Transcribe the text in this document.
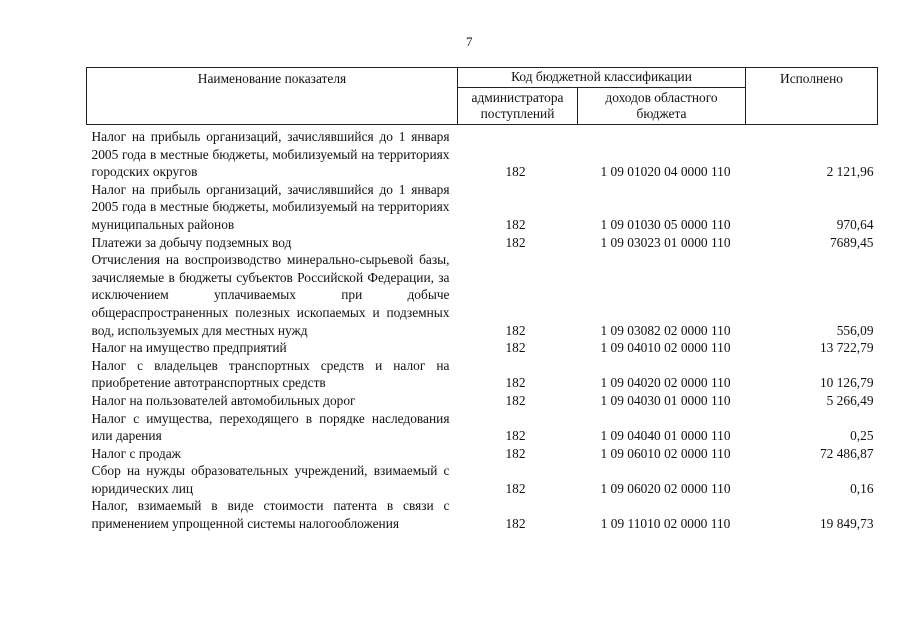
7
Наименование показателя	Код бюджетной классификации		Исполнено
	администратора поступлений	доходов областного бюджета	
Налог на прибыль организаций, зачислявшийся до 1 января 2005 года в местные бюджеты, мобилизуемый на территориях городских округов	182	1 09 01020 04 0000 110	2 121,96
Налог на прибыль организаций, зачислявшийся до 1 января 2005 года в местные бюджеты, мобилизуемый на территориях муниципальных районов	182	1 09 01030 05 0000 110	970,64
Платежи за добычу подземных вод	182	1 09 03023 01 0000 110	7689,45
Отчисления на воспроизводство минерально-сырьевой базы, зачисляемые в бюджеты субъектов Российской Федерации, за исключением уплачиваемых при добыче общераспространенных полезных ископаемых и подземных вод, используемых для местных нужд	182	1 09 03082 02 0000 110	556,09
Налог на имущество предприятий	182	1 09 04010 02 0000 110	13 722,79
Налог с владельцев транспортных средств и налог на приобретение автотранспортных средств	182	1 09 04020 02 0000 110	10 126,79
Налог на пользователей автомобильных дорог	182	1 09 04030 01 0000 110	5 266,49
Налог с имущества, переходящего в порядке наследования или дарения	182	1 09 04040 01 0000 110	0,25
Налог с продаж	182	1 09 06010 02 0000 110	72 486,87
Сбор на нужды образовательных учреждений, взимаемый с юридических лиц	182	1 09 06020 02 0000 110	0,16
Налог, взимаемый в виде стоимости патента в связи с применением упрощенной системы налогообложения	182	1 09 11010 02 0000 110	19 849,73
